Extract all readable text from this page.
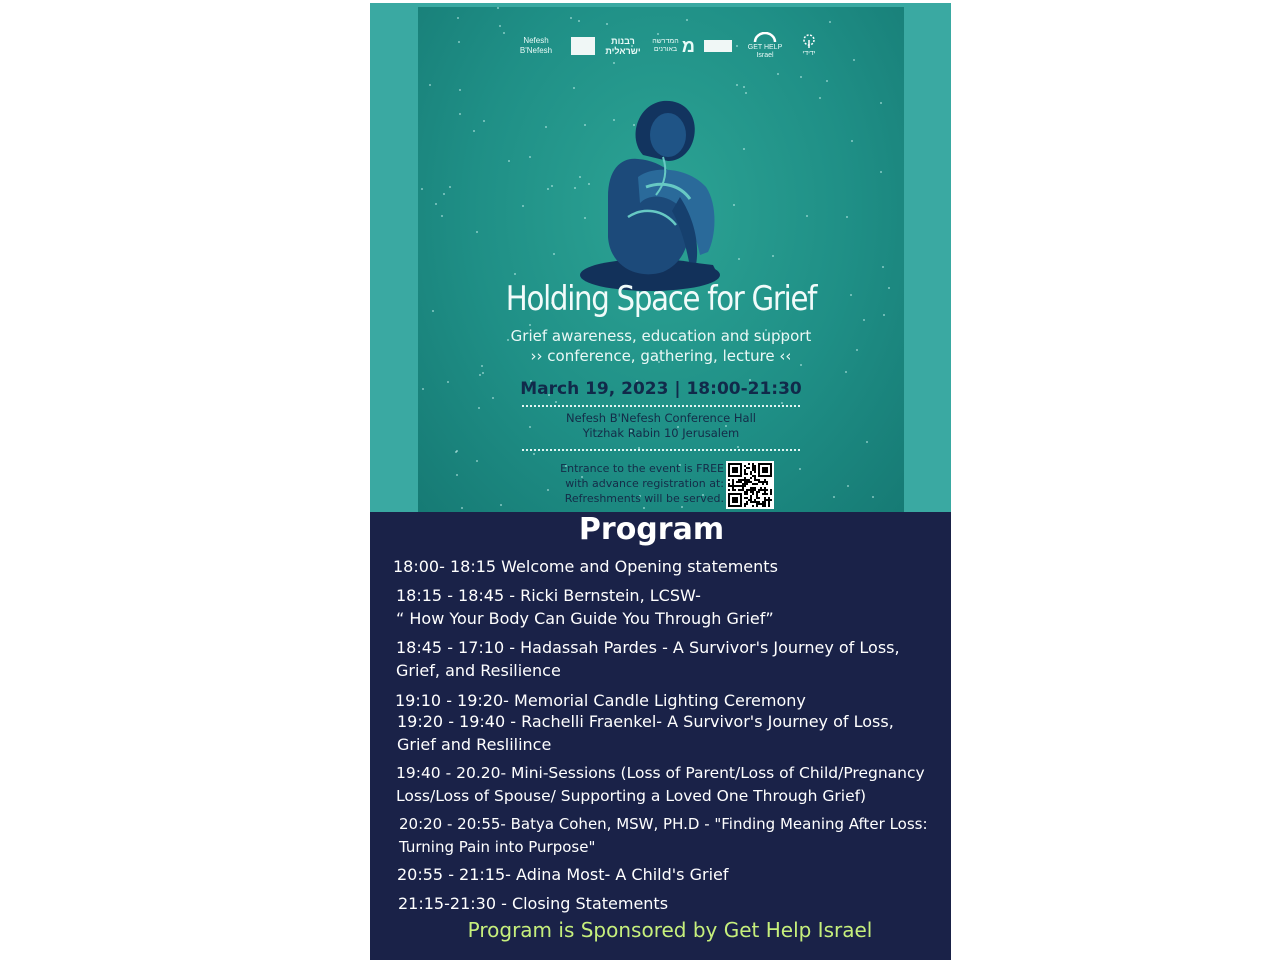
Nefesh B'Nefesh
רבנות ישראלית
המדרשה באורנים מ	GET HELP Israel	ידידי
Holding Space for Grief
Grief awareness, education and support
›› conference, gathering, lecture ‹‹
March 19, 2023 | 18:00-21:30
Nefesh B'Nefesh Conference Hall
Yitzhak Rabin 10 Jerusalem
Entrance to the event is FREE
with advance registration at:
Refreshments will be served.
Program
18:00- 18:15 Welcome and Opening statements
18:15 - 18:45 - Ricki Bernstein, LCSW-
“ How Your Body Can Guide You Through Grief”
18:45 - 17:10 - Hadassah Pardes - A Survivor's Journey of Loss,
Grief, and Resilience
19:10 - 19:20- Memorial Candle Lighting Ceremony
19:20 - 19:40 - Rachelli Fraenkel- A Survivor's Journey of Loss,
Grief and Reslilince
19:40 - 20.20- Mini-Sessions (Loss of Parent/Loss of Child/Pregnancy
Loss/Loss of Spouse/ Supporting a Loved One Through Grief)
20:20 - 20:55- Batya Cohen, MSW, PH.D - "Finding Meaning After Loss:
Turning Pain into Purpose"
20:55 - 21:15- Adina Most- A Child's Grief
21:15-21:30 - Closing Statements
Program is Sponsored by Get Help Israel
